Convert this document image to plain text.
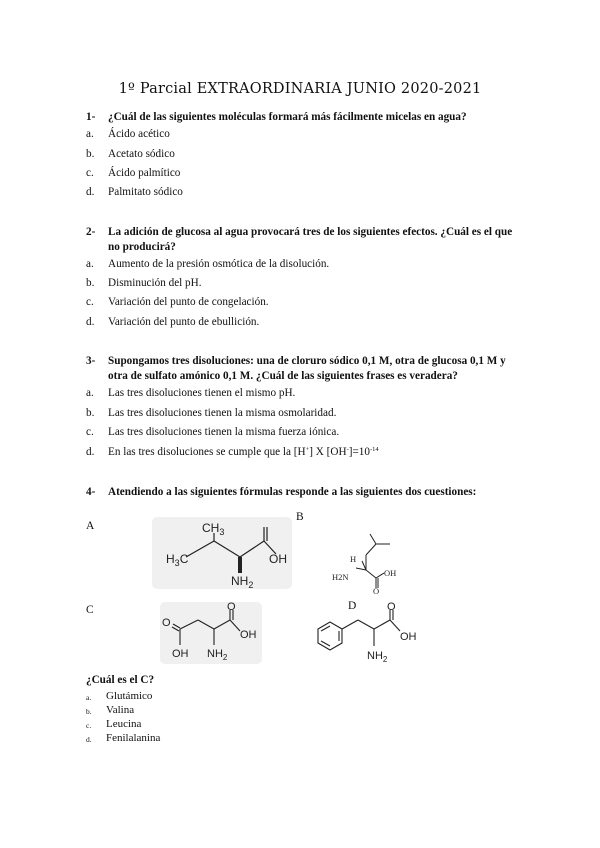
1º Parcial EXTRAORDINARIA JUNIO 2020-2021
1- ¿Cuál de las siguientes moléculas formará más fácilmente micelas en agua?
a. Ácido acético
b. Acetato sódico
c. Ácido palmítico
d. Palmitato sódico
2- La adición de glucosa al agua provocará tres de los siguientes efectos. ¿Cuál es el que no producirá?
a. Aumento de la presión osmótica de la disolución.
b. Disminución del pH.
c. Variación del punto de congelación.
d. Variación del punto de ebullición.
3- Supongamos tres disoluciones: una de cloruro sódico 0,1 M, otra de glucosa 0,1 M y otra de sulfato amónico 0,1 M. ¿Cuál de las siguientes frases es veradera?
a. Las tres disoluciones tienen el mismo pH.
b. Las tres disoluciones tienen la misma osmolaridad.
c. Las tres disoluciones tienen la misma fuerza iónica.
d. En las tres disoluciones se cumple que la [H+] X $[OH^-]=10^{-14}$
4- Atendiendo a las siguientes fórmulas responde a las siguientes dos cuestiones:
A
B
C	D
$CH_3$
$H_3C$	OH
$NH_2$
H
H2N	OH
O
O
O
OH
OH $NH_2$
O
OH
$NH_2$
¿Cuál es el C?
a. Glutámico
b. Valina
c. Leucina
d. Fenilalanina
